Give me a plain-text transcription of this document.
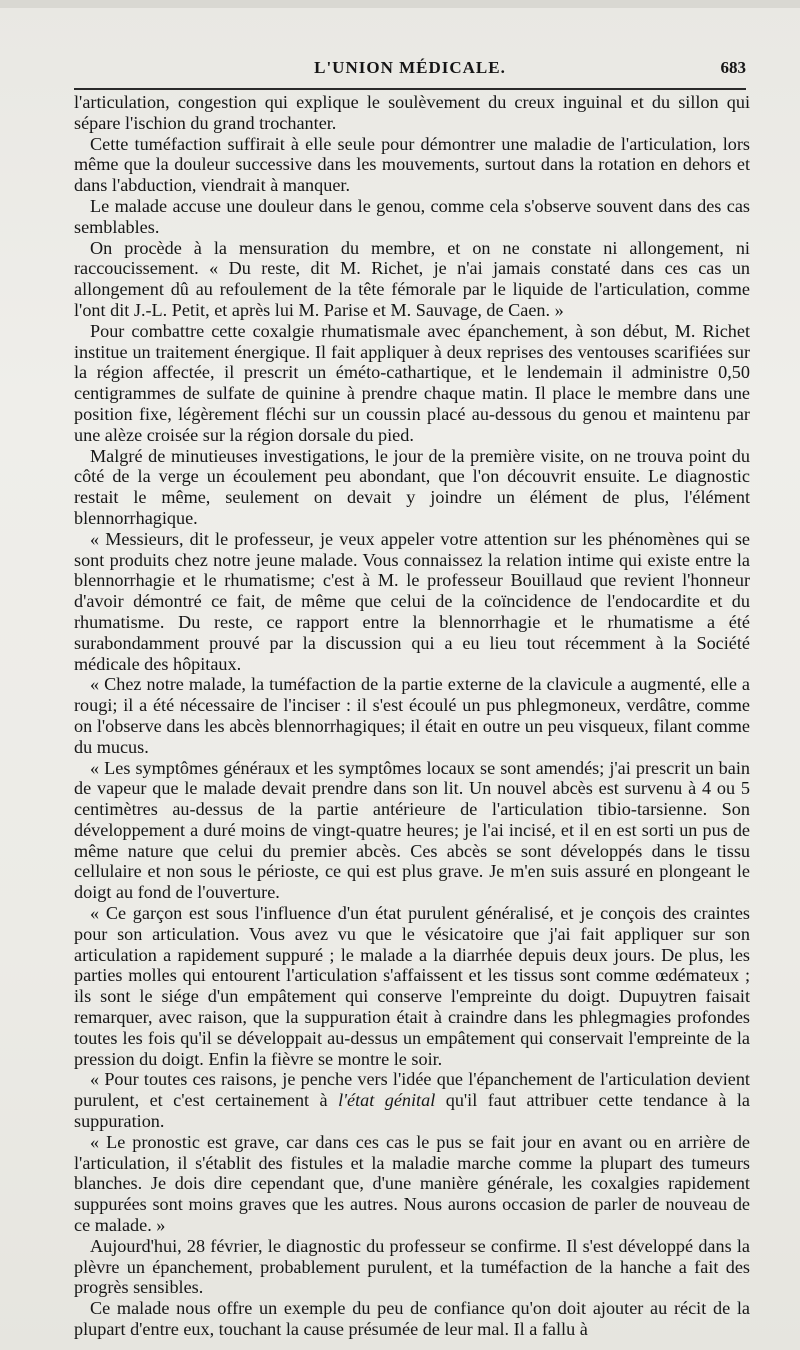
L'UNION MÉDICALE.	683

l'articulation, congestion qui explique le soulèvement du creux inguinal et du sillon qui sépare l'ischion du grand trochanter.

Cette tuméfaction suffirait à elle seule pour démontrer une maladie de l'articulation, lors même que la douleur successive dans les mouvements, surtout dans la rotation en dehors et dans l'abduction, viendrait à manquer.

Le malade accuse une douleur dans le genou, comme cela s'observe souvent dans des cas semblables.

On procède à la mensuration du membre, et on ne constate ni allongement, ni raccoucissement. « Du reste, dit M. Richet, je n'ai jamais constaté dans ces cas un allongement dû au refoulement de la tête fémorale par le liquide de l'articulation, comme l'ont dit J.-L. Petit, et après lui M. Parise et M. Sauvage, de Caen. »

Pour combattre cette coxalgie rhumatismale avec épanchement, à son début, M. Richet institue un traitement énergique. Il fait appliquer à deux reprises des ventouses scarifiées sur la région affectée, il prescrit un éméto-cathartique, et le lendemain il administre 0,50 centigrammes de sulfate de quinine à prendre chaque matin. Il place le membre dans une position fixe, légèrement fléchi sur un coussin placé au-dessous du genou et maintenu par une alèze croisée sur la région dorsale du pied.

Malgré de minutieuses investigations, le jour de la première visite, on ne trouva point du côté de la verge un écoulement peu abondant, que l'on découvrit ensuite. Le diagnostic restait le même, seulement on devait y joindre un élément de plus, l'élément blennorrhagique.

« Messieurs, dit le professeur, je veux appeler votre attention sur les phénomènes qui se sont produits chez notre jeune malade. Vous connaissez la relation intime qui existe entre la blennorrhagie et le rhumatisme; c'est à M. le professeur Bouillaud que revient l'honneur d'avoir démontré ce fait, de même que celui de la coïncidence de l'endocardite et du rhumatisme. Du reste, ce rapport entre la blennorrhagie et le rhumatisme a été surabondamment prouvé par la discussion qui a eu lieu tout récemment à la Société médicale des hôpitaux.

« Chez notre malade, la tuméfaction de la partie externe de la clavicule a augmenté, elle a rougi; il a été nécessaire de l'inciser : il s'est écoulé un pus phlegmoneux, verdâtre, comme on l'observe dans les abcès blennorrhagiques; il était en outre un peu visqueux, filant comme du mucus.

« Les symptômes généraux et les symptômes locaux se sont amendés; j'ai prescrit un bain de vapeur que le malade devait prendre dans son lit. Un nouvel abcès est survenu à 4 ou 5 centimètres au-dessus de la partie antérieure de l'articulation tibio-tarsienne. Son développement a duré moins de vingt-quatre heures; je l'ai incisé, et il en est sorti un pus de même nature que celui du premier abcès. Ces abcès se sont développés dans le tissu cellulaire et non sous le périoste, ce qui est plus grave. Je m'en suis assuré en plongeant le doigt au fond de l'ouverture.

« Ce garçon est sous l'influence d'un état purulent généralisé, et je conçois des craintes pour son articulation. Vous avez vu que le vésicatoire que j'ai fait appliquer sur son articulation a rapidement suppuré ; le malade a la diarrhée depuis deux jours. De plus, les parties molles qui entourent l'articulation s'affaissent et les tissus sont comme œdémateux ; ils sont le siége d'un empâtement qui conserve l'empreinte du doigt. Dupuytren faisait remarquer, avec raison, que la suppuration était à craindre dans les phlegmagies profondes toutes les fois qu'il se développait au-dessus un empâtement qui conservait l'empreinte de la pression du doigt. Enfin la fièvre se montre le soir.

« Pour toutes ces raisons, je penche vers l'idée que l'épanchement de l'articulation devient purulent, et c'est certainement à l'état génital qu'il faut attribuer cette tendance à la suppuration.

« Le pronostic est grave, car dans ces cas le pus se fait jour en avant ou en arrière de l'articulation, il s'établit des fistules et la maladie marche comme la plupart des tumeurs blanches. Je dois dire cependant que, d'une manière générale, les coxalgies rapidement suppurées sont moins graves que les autres. Nous aurons occasion de parler de nouveau de ce malade. »

Aujourd'hui, 28 février, le diagnostic du professeur se confirme. Il s'est développé dans la plèvre un épanchement, probablement purulent, et la tuméfaction de la hanche a fait des progrès sensibles.

Ce malade nous offre un exemple du peu de confiance qu'on doit ajouter au récit de la plupart d'entre eux, touchant la cause présumée de leur mal. Il a fallu à
